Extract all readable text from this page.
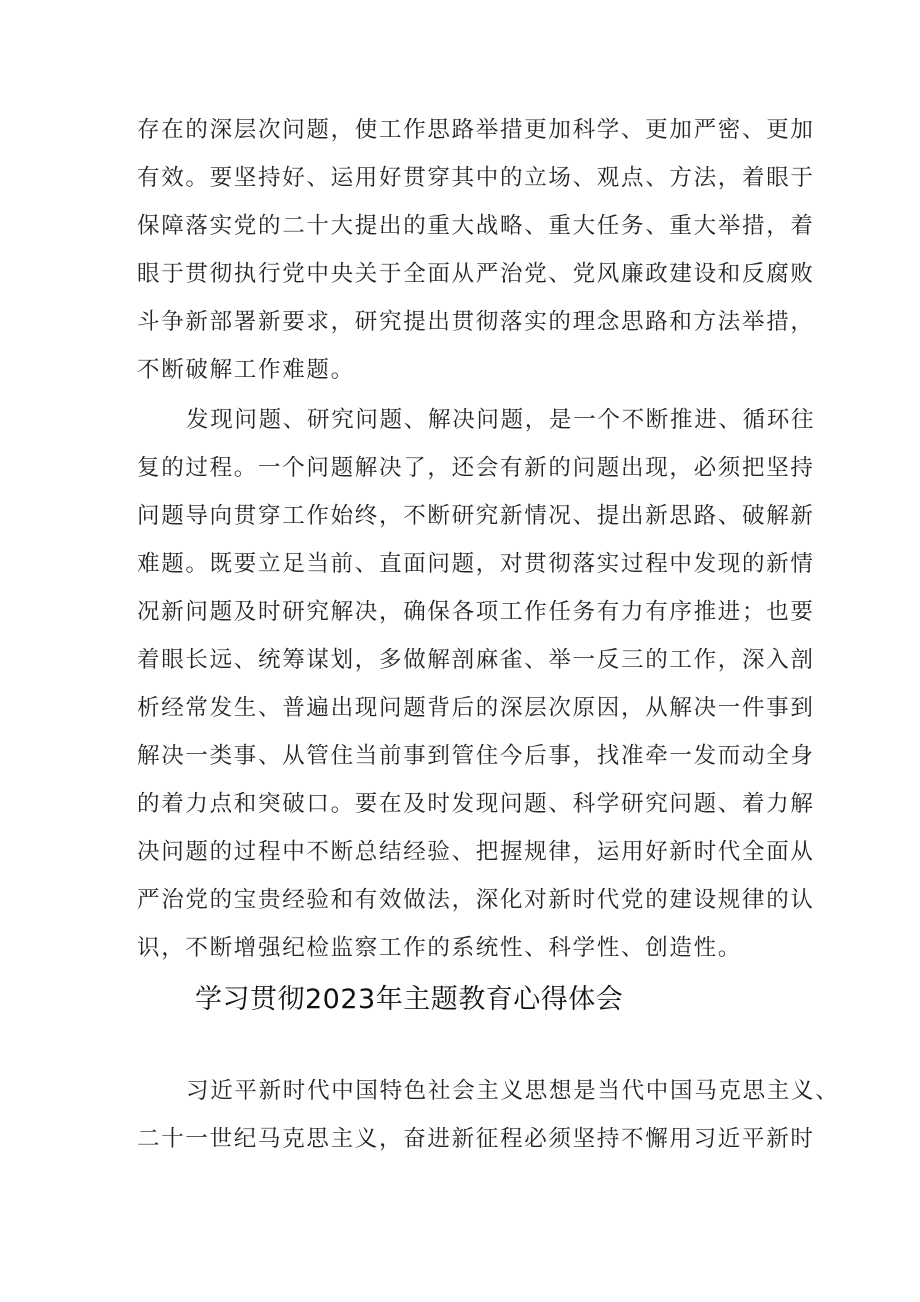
存在的深层次问题，使工作思路举措更加科学、更加严密、更加
有效。要坚持好、运用好贯穿其中的立场、观点、方法，着眼于
保障落实党的二十大提出的重大战略、重大任务、重大举措，着
眼于贯彻执行党中央关于全面从严治党、党风廉政建设和反腐败
斗争新部署新要求，研究提出贯彻落实的理念思路和方法举措，
不断破解工作难题。
发现问题、研究问题、解决问题，是一个不断推进、循环往
复的过程。一个问题解决了，还会有新的问题出现，必须把坚持
问题导向贯穿工作始终，不断研究新情况、提出新思路、破解新
难题。既要立足当前、直面问题，对贯彻落实过程中发现的新情
况新问题及时研究解决，确保各项工作任务有力有序推进；也要
着眼长远、统筹谋划，多做解剖麻雀、举一反三的工作，深入剖
析经常发生、普遍出现问题背后的深层次原因，从解决一件事到
解决一类事、从管住当前事到管住今后事，找准牵一发而动全身
的着力点和突破口。要在及时发现问题、科学研究问题、着力解
决问题的过程中不断总结经验、把握规律，运用好新时代全面从
严治党的宝贵经验和有效做法，深化对新时代党的建设规律的认
识，不断增强纪检监察工作的系统性、科学性、创造性。
学习贯彻2023年主题教育心得体会
习近平新时代中国特色社会主义思想是当代中国马克思主义、
二十一世纪马克思主义，奋进新征程必须坚持不懈用习近平新时
